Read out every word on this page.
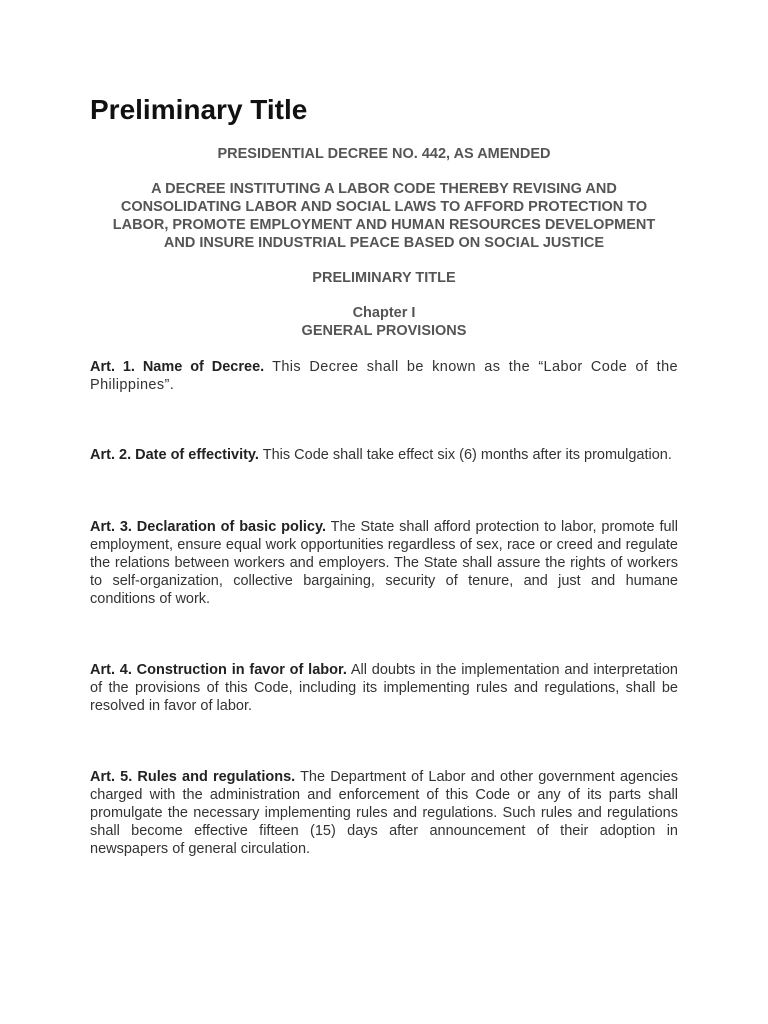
Preliminary Title
PRESIDENTIAL DECREE NO. 442, AS AMENDED
A DECREE INSTITUTING A LABOR CODE THEREBY REVISING AND CONSOLIDATING LABOR AND SOCIAL LAWS TO AFFORD PROTECTION TO LABOR, PROMOTE EMPLOYMENT AND HUMAN RESOURCES DEVELOPMENT AND INSURE INDUSTRIAL PEACE BASED ON SOCIAL JUSTICE
PRELIMINARY TITLE
Chapter I
GENERAL PROVISIONS
Art. 1. Name of Decree. This Decree shall be known as the “Labor Code of the Philippines”.
Art. 2. Date of effectivity. This Code shall take effect six (6) months after its promulgation.
Art. 3. Declaration of basic policy. The State shall afford protection to labor, promote full employment, ensure equal work opportunities regardless of sex, race or creed and regulate the relations between workers and employers. The State shall assure the rights of workers to self-organization, collective bargaining, security of tenure, and just and humane conditions of work.
Art. 4. Construction in favor of labor. All doubts in the implementation and interpretation of the provisions of this Code, including its implementing rules and regulations, shall be resolved in favor of labor.
Art. 5. Rules and regulations. The Department of Labor and other government agencies charged with the administration and enforcement of this Code or any of its parts shall promulgate the necessary implementing rules and regulations. Such rules and regulations shall become effective fifteen (15) days after announcement of their adoption in newspapers of general circulation.
